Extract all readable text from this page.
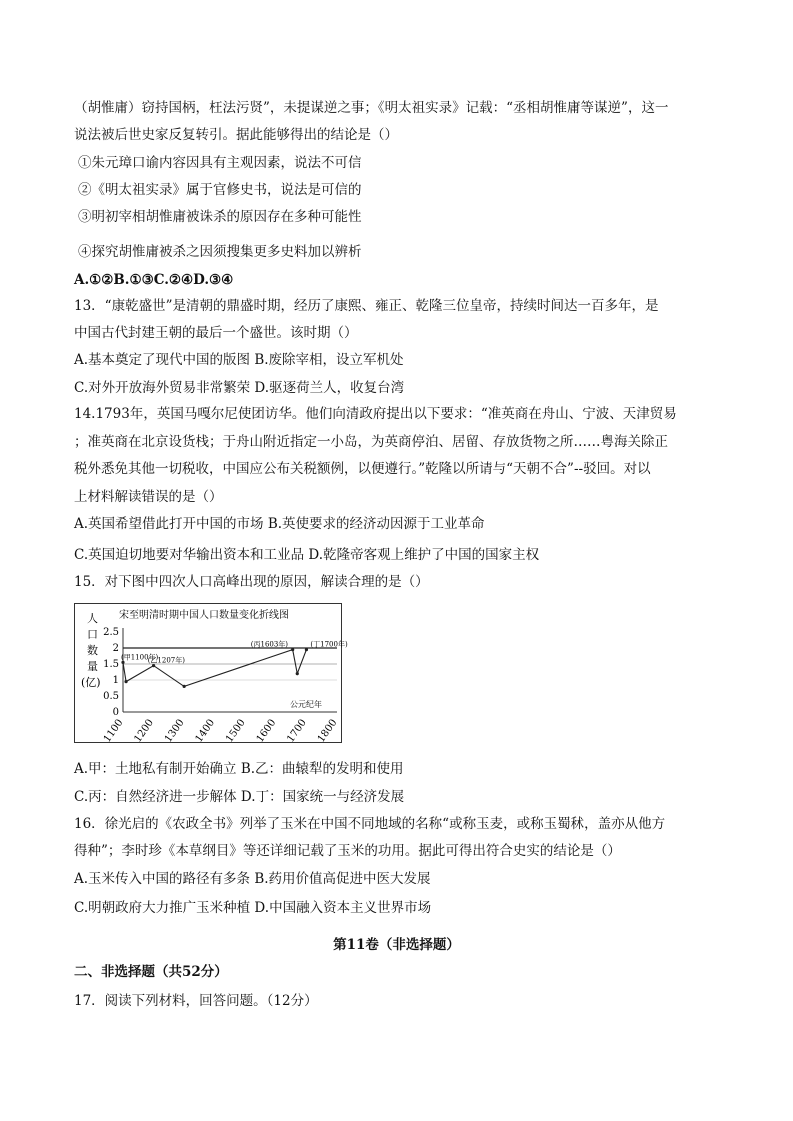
（胡惟庸）窃持国柄，枉法污贤”，未提谋逆之事；《明太祖实录》记载：“丞相胡惟庸等谋逆”，这一
说法被后世史家反复转引。据此能够得出的结论是（）
①朱元璋口谕内容因具有主观因素，说法不可信
②《明太祖实录》属于官修史书，说法是可信的
③明初宰相胡惟庸被诛杀的原因存在多种可能性
④探究胡惟庸被杀之因须搜集更多史料加以辨析
A.①②B.①③C.②④D.③④
13．“康乾盛世”是清朝的鼎盛时期，经历了康熙、雍正、乾隆三位皇帝，持续时间达一百多年，是
中国古代封建王朝的最后一个盛世。该时期（）
A.基本奠定了现代中国的版图 B.废除宰相，设立军机处
C.对外开放海外贸易非常繁荣 D.驱逐荷兰人，收复台湾
14.1793年，英国马嘎尔尼使团访华。他们向清政府提出以下要求：“准英商在舟山、宁波、天津贸易
；准英商在北京设货栈；于舟山附近指定一小岛，为英商停泊、居留、存放货物之所……粤海关除正
税外悉免其他一切税收，中国应公布关税额例，以便遵行。”乾隆以所请与“天朝不合”--驳回。对以
上材料解读错误的是（）
A.英国希望借此打开中国的市场 B.英使要求的经济动因源于工业革命
C.英国迫切地要对华输出资本和工业品 D.乾隆帝客观上维护了中国的国家主权
15．对下图中四次人口高峰出现的原因，解读合理的是（）
宋至明清时期中国人口数量变化折线图
人
口
数
量
(亿)
公元纪年
0
0.5
1
1.5
2
2.5
1100 1200 1300 1400 1500 1600 1700 1800
(甲1100年)
(乙1207年)
(丙1603年)	(丁1700年)
A.甲：土地私有制开始确立 B.乙：曲辕犁的发明和使用
C.丙：自然经济进一步解体 D.丁：国家统一与经济发展
16．徐光启的《农政全书》列举了玉米在中国不同地域的名称“或称玉麦，或称玉蜀秫，盖亦从他方
得种”；李时珍《本草纲目》等还详细记载了玉米的功用。据此可得出符合史实的结论是（）
A.玉米传入中国的路径有多条 B.药用价值高促进中医大发展
C.明朝政府大力推广玉米种植 D.中国融入资本主义世界市场
第11卷（非选择题）
二、非选择题（共52分）
17．阅读下列材料，回答问题。（12分）
